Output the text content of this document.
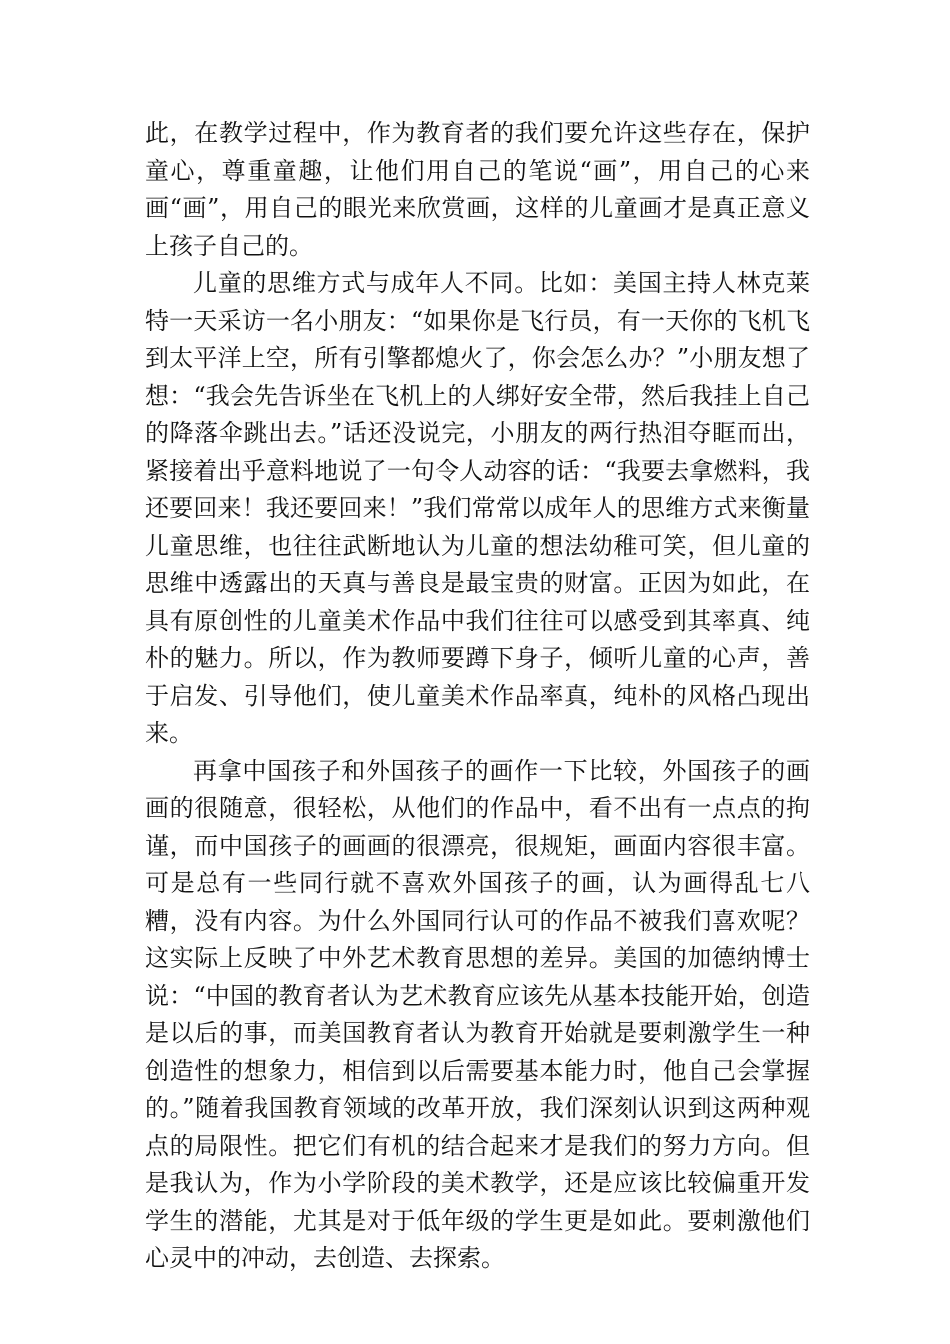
此，在教学过程中，作为教育者的我们要允许这些存在，保护童心，尊重童趣，让他们用自己的笔说“画”，用自己的心来画“画”，用自己的眼光来欣赏画，这样的儿童画才是真正意义上孩子自己的。

儿童的思维方式与成年人不同。比如：美国主持人林克莱特一天采访一名小朋友：“如果你是飞行员，有一天你的飞机飞到太平洋上空，所有引擎都熄火了，你会怎么办？”小朋友想了想：“我会先告诉坐在飞机上的人绑好安全带，然后我挂上自己的降落伞跳出去。”话还没说完，小朋友的两行热泪夺眶而出，紧接着出乎意料地说了一句令人动容的话：“我要去拿燃料，我还要回来！我还要回来！”我们常常以成年人的思维方式来衡量儿童思维，也往往武断地认为儿童的想法幼稚可笑，但儿童的思维中透露出的天真与善良是最宝贵的财富。正因为如此，在具有原创性的儿童美术作品中我们往往可以感受到其率真、纯朴的魅力。所以，作为教师要蹲下身子，倾听儿童的心声，善于启发、引导他们，使儿童美术作品率真，纯朴的风格凸现出来。

再拿中国孩子和外国孩子的画作一下比较，外国孩子的画画的很随意，很轻松，从他们的作品中，看不出有一点点的拘谨，而中国孩子的画画的很漂亮，很规矩，画面内容很丰富。可是总有一些同行就不喜欢外国孩子的画，认为画得乱七八糟，没有内容。为什么外国同行认可的作品不被我们喜欢呢？这实际上反映了中外艺术教育思想的差异。美国的加德纳博士说：“中国的教育者认为艺术教育应该先从基本技能开始，创造是以后的事，而美国教育者认为教育开始就是要刺激学生一种创造性的想象力，相信到以后需要基本能力时，他自己会掌握的。”随着我国教育领域的改革开放，我们深刻认识到这两种观点的局限性。把它们有机的结合起来才是我们的努力方向。但是我认为，作为小学阶段的美术教学，还是应该比较偏重开发学生的潜能，尤其是对于低年级的学生更是如此。要刺激他们心灵中的冲动，去创造、去探索。
